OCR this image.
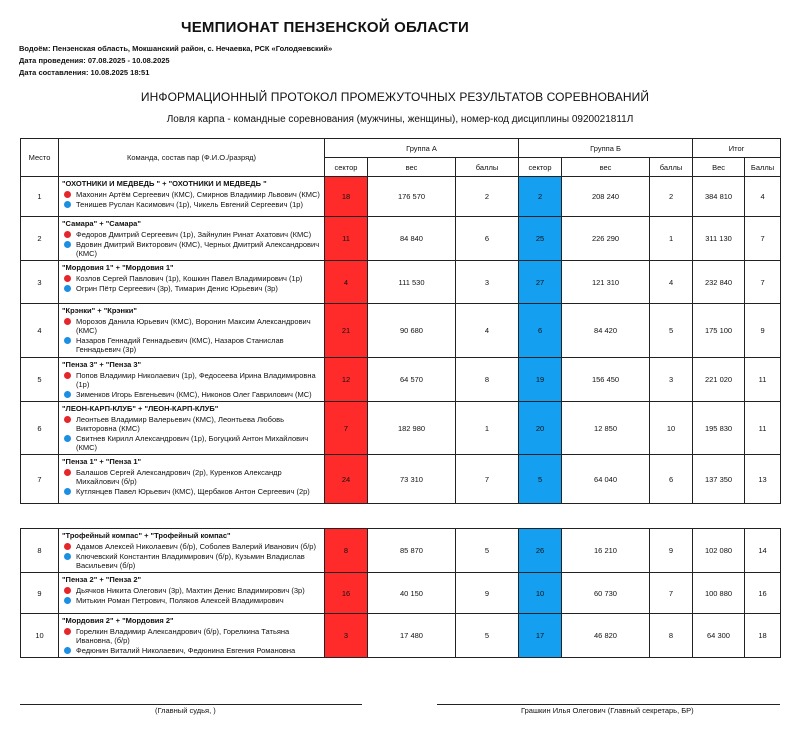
ЧЕМПИОНАТ ПЕНЗЕНСКОЙ ОБЛАСТИ
Водоём: Пензенская область, Мокшанский район, с. Нечаевка, РСК «Голодяевский»
Дата проведения: 07.08.2025 - 10.08.2025
Дата составления: 10.08.2025 18:51
ИНФОРМАЦИОННЫЙ ПРОТОКОЛ ПРОМЕЖУТОЧНЫХ РЕЗУЛЬТАТОВ СОРЕВНОВАНИЙ
Ловля карпа - командные соревнования (мужчины, женщины), номер-код дисциплины 0920021811Л
Место	Команда, состав пар (Ф.И.О./разряд)	Группа А			Группа Б			Итог	
		сектор	вес	баллы	сектор	вес	баллы	Вес	Баллы
1	"ОХОТНИКИ И МЕДВЕДЬ " + "ОХОТНИКИ И МЕДВЕДЬ "
Махонин Артём Сергеевич (КМС), Смирнов Владимир Львович (КМС)
Тенишев Руслан Касимович (1р), Чикель Евгений Сергеевич (1р)	18	176 570	2	2	208 240	2	384 810	4
2	"Самара" + "Самара"
Федоров Дмитрий Сергеевич (1р), Зайнулин Ринат Ахатович (КМС)
Вдовин Дмитрий Викторович (КМС), Черных Дмитрий Александрович (КМС)	11	84 840	6	25	226 290	1	311 130	7
3	"Мордовия 1" + "Мордовия 1"
Козлов Сергей Павлович (1р), Кошкин Павел Владимирович (1р)
Огрин Пётр Сергеевич (3р), Тимарин Денис Юрьевич (3р)	4	111 530	3	27	121 310	4	232 840	7
4	"Крэнки" + "Крэнки"
Морозов Данила Юрьевич (КМС), Воронин Максим Александрович (КМС)
Назаров Геннадий Геннадьевич (КМС), Назаров Станислав Геннадьевич (3р)	21	90 680	4	6	84 420	5	175 100	9
5	"Пенза 3" + "Пенза 3"
Попов Владимир Николаевич (1р), Федосеева Ирина Владимировна (1р)
Зименков Игорь Евгеньевич (КМС), Никонов Олег Гаврилович (МС)	12	64 570	8	19	156 450	3	221 020	11
6	"ЛЕОН-КАРП-КЛУБ" + "ЛЕОН-КАРП-КЛУБ"
Леонтьев Владимир Валерьевич (КМС), Леонтьева Любовь Викторовна (КМС)
Свитнев Кирилл Александрович (1р), Богуцкий Антон Михайлович (КМС)	7	182 980	1	20	12 850	10	195 830	11
7	"Пенза 1" + "Пенза 1"
Балашов Сергей Александрович (2р), Куренков Александр Михайлович (б/р)
Кутлянцев Павел Юрьевич (КМС), Щербаков Антон Сергеевич (2р)	24	73 310	7	5	64 040	6	137 350	13
8	"Трофейный компас" + "Трофейный компас"
Адамов Алексей Николаевич (б/р), Соболев Валерий Иванович (б/р)
Ключевский Константин Владимирович (б/р), Кузьмин Владислав Васильевич (б/р)	8	85 870	5	26	16 210	9	102 080	14
9	"Пенза 2" + "Пенза 2"
Дьячков Никита Олегович (3р), Махтин Денис Владимирович (3р)
Митькин Роман Петрович, Поляков Алексей Владимирович	16	40 150	9	10	60 730	7	100 880	16
10	"Мордовия 2" + "Мордовия 2"
Горелкин Владимир Александрович (б/р), Горелкина Татьяна Ивановна, (б/р)
Федюнин Виталий Николаевич, Федюнина Евгения Романовна	3	17 480	5	17	46 820	8	64 300	18
(Главный судья, )	Грашкин Илья Олегович (Главный секретарь, БР)
